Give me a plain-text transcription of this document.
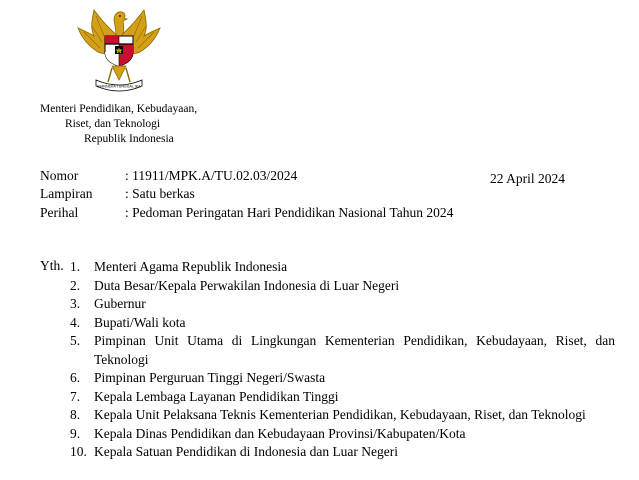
BHINNEKA TUNGGAL IKA
Menteri Pendidikan, Kebudayaan,
Riset, dan Teknologi
Republik Indonesia
Nomor	: 11911/MPK.A/TU.02.03/2024
Lampiran : Satu berkas
Perihal	: Pedoman Peringatan Hari Pendidikan Nasional Tahun 2024
22 April 2024
Yth. 1.	Menteri Agama Republik Indonesia
2.	Duta Besar/Kepala Perwakilan Indonesia di Luar Negeri
3.	Gubernur
4.	Bupati/Wali kota
5.	Pimpinan Unit Utama di Lingkungan Kementerian Pendidikan, Kebudayaan, Riset, dan
Teknologi
6.	Pimpinan Perguruan Tinggi Negeri/Swasta
7.	Kepala Lembaga Layanan Pendidikan Tinggi
8.	Kepala Unit Pelaksana Teknis Kementerian Pendidikan, Kebudayaan, Riset, dan Teknologi
9.	Kepala Dinas Pendidikan dan Kebudayaan Provinsi/Kabupaten/Kota
10. Kepala Satuan Pendidikan di Indonesia dan Luar Negeri
